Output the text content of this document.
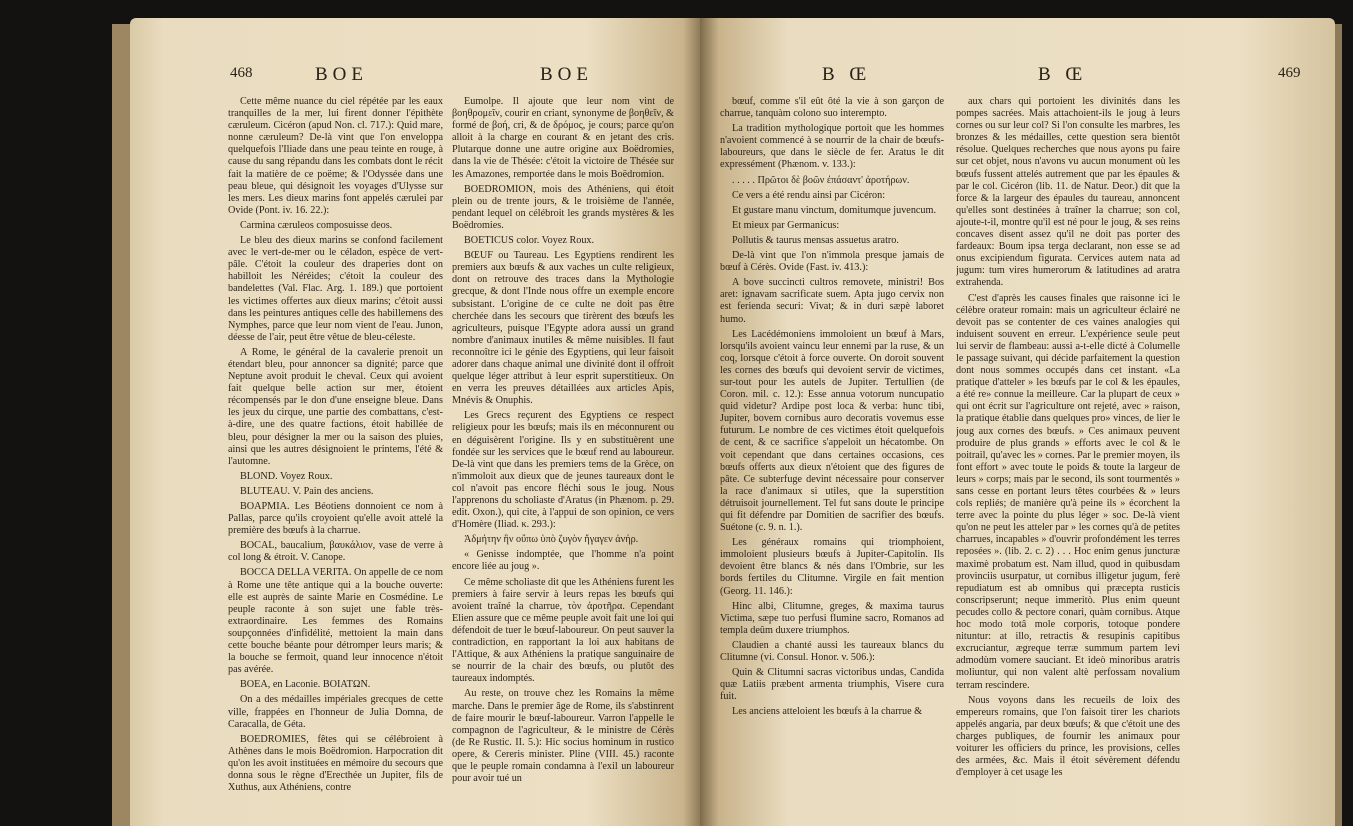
468	BOE	BOE

Cette même nuance du ciel répétée par les eaux tranquilles de la mer, lui firent donner l'épithète cæruleum. Cicéron (apud Non. cl. 717.): Quid mare, nonne cæruleum? De-là vint que l'on enveloppa quelquefois l'Iliade dans une peau teinte en rouge, à cause du sang répandu dans les combats dont le récit fait la matière de ce poëme; & l'Odyssée dans une peau bleue, qui désignoit les voyages d'Ulysse sur les mers. Les dieux marins font appelés cærulei par Ovide (Pont. iv. 16. 22.):

Carmina cæruleos composuisse deos.

Le bleu des dieux marins se confond facilement avec le vert-de-mer ou le céladon, espèce de vert-pâle. C'étoit la couleur des draperies dont on habilloit les Néréides; c'étoit la couleur des bandelettes (Val. Flac. Arg. 1. 189.) que portoient les victimes offertes aux dieux marins; c'étoit aussi dans les peintures antiques celle des habillemens des Nymphes, parce que leur nom vient de l'eau. Junon, déesse de l'air, peut être vêtue de bleu-céleste.

A Rome, le général de la cavalerie prenoit un étendart bleu, pour annoncer sa dignité; parce que Neptune avoit produit le cheval. Ceux qui avoient fait quelque belle action sur mer, étoient récompensés par le don d'une enseigne bleue. Dans les jeux du cirque, une partie des combattans, c'est-à-dire, une des quatre factions, étoit habillée de bleu, pour désigner la mer ou la saison des pluies, ainsi que les autres désignoient le printems, l'été & l'automne.

BLOND. Voyez Roux.

BLUTEAU. V. Pain des anciens.

BOAPMIA. Les Béotiens donnoient ce nom à Pallas, parce qu'ils croyoient qu'elle avoit attelé la première des bœufs à la charrue.

BOCAL, baucalium, βαυκάλιον, vase de verre à col long & étroit. V. Canope.

BOCCA DELLA VERITA. On appelle de ce nom à Rome une tête antique qui a la bouche ouverte: elle est auprès de sainte Marie en Cosmédine. Le peuple raconte à son sujet une fable très-extraordinaire. Les femmes des Romains soupçonnées d'infidélité, mettoient la main dans cette bouche béante pour détromper leurs maris; & la bouche se fermoit, quand leur innocence n'étoit pas avérée.

BOEA, en Laconie. BOIATΩN.

On a des médailles impériales grecques de cette ville, frappées en l'honneur de Julia Domna, de Caracalla, de Géta.

BOEDROMIES, fêtes qui se célébroient à Athènes dans le mois Boëdromion. Harpocration dit qu'on les avoit instituées en mémoire du secours que donna sous le règne d'Erecthée un Jupiter, fils de Xuthus, aux Athéniens, contre

Eumolpe. Il ajoute que leur nom vint de βοηθρομεῖν, courir en criant, synonyme de βοηθεῖν, & formé de βοή, cri, & de δρόμος, je cours; parce qu'on alloit à la charge en courant & en jetant des cris. Plutarque donne une autre origine aux Boëdromies, dans la vie de Thésée: c'étoit la victoire de Thésée sur les Amazones, remportée dans le mois Boëdromion.

BOEDROMION, mois des Athéniens, qui étoit plein ou de trente jours, & le troisième de l'année, pendant lequel on célébroit les grands mystères & les Boëdromies.

BOETICUS color. Voyez Roux.

BŒUF ou Taureau. Les Egyptiens rendirent les premiers aux bœufs & aux vaches un culte religieux, dont on retrouve des traces dans la Mythologie grecque, & dont l'Inde nous offre un exemple encore subsistant. L'origine de ce culte ne doit pas être cherchée dans les secours que tirèrent des bœufs les agriculteurs, puisque l'Egypte adora aussi un grand nombre d'animaux inutiles & même nuisibles. Il faut reconnoître ici le génie des Egyptiens, qui leur faisoit adorer dans chaque animal une divinité dont il offroit quelque léger attribut à leur esprit superstitieux. On en verra les preuves détaillées aux articles Apis, Mnévis & Onuphis.

Les Grecs reçurent des Egyptiens ce respect religieux pour les bœufs; mais ils en méconnurent ou en déguisèrent l'origine. Ils y en substituèrent une fondée sur les services que le bœuf rend au laboureur. De-là vint que dans les premiers tems de la Grèce, on n'immoloit aux dieux que de jeunes taureaux dont le col n'avoit pas encore fléchi sous le joug. Nous l'apprenons du scholiaste d'Aratus (in Phænom. p. 29. edit. Oxon.), qui cite, à l'appui de son opinion, ce vers d'Homère (Iliad. κ. 293.):

Ἀδμήτην ἣν οὔπω ὑπὸ ζυγὸν ἤγαγεν ἀνήρ.

« Genisse indomptée, que l'homme n'a point encore liée au joug ».

Ce même scholiaste dit que les Athéniens furent les premiers à faire servir à leurs repas les bœufs qui avoient traîné la charrue, τὸν ἀροτῆρα. Cependant Elien assure que ce même peuple avoit fait une loi qui défendoit de tuer le bœuf-laboureur. On peut sauver la contradiction, en rapportant la loi aux habitans de l'Attique, & aux Athéniens la pratique sanguinaire de se nourrir de la chair des bœufs, ou plutôt des taureaux indomptés.

Au reste, on trouve chez les Romains la même marche. Dans le premier âge de Rome, ils s'abstinrent de faire mourir le bœuf-laboureur. Varron l'appelle le compagnon de l'agriculteur, & le ministre de Cérès (de Re Rustic. II. 5.): Hic socius hominum in rustico opere, & Cereris minister. Pline (VIII. 45.) raconte que le peuple romain condamna à l'exil un laboureur pour avoir tué un

B Œ	B Œ	469

bœuf, comme s'il eût ôté la vie à son garçon de charrue, tanquàm colono suo interempto.

La tradition mythologique portoit que les hommes n'avoient commencé à se nourrir de la chair de bœufs-laboureurs, que dans le siècle de fer. Aratus le dit expressément (Phænom. v. 133.):

. . . . . Πρῶτοι δὲ βοῶν ἐπάσαντ' ἀροτήρων.

Ce vers a été rendu ainsi par Cicéron:

Et gustare manu vinctum, domitumque juvencum.

Et mieux par Germanicus:

Pollutis & taurus mensas assuetus aratro.

De-là vint que l'on n'immola presque jamais de bœuf à Cérès. Ovide (Fast. iv. 413.):

A bove succincti cultros removete, ministri! Bos aret: ignavam sacrificate suem. Apta jugo cervix non est ferienda securi: Vivat; & in duri sæpè laboret humo.

Les Lacédémoniens immoloient un bœuf à Mars, lorsqu'ils avoient vaincu leur ennemi par la ruse, & un coq, lorsque c'étoit à force ouverte. On doroit souvent les cornes des bœufs qui devoient servir de victimes, sur-tout pour les autels de Jupiter. Tertullien (de Coron. mil. c. 12.): Esse annua votorum nuncupatio quid videtur? Ardipe post loca & verba: hunc tibi, Jupiter, bovem cornibus auro decoratis vovemus esse futurum. Le nombre de ces victimes étoit quelquefois de cent, & ce sacrifice s'appeloit un hécatombe. On voit cependant que dans certaines occasions, ces bœufs offerts aux dieux n'étoient que des figures de pâte. Ce subterfuge devint nécessaire pour conserver la race d'animaux si utiles, que la superstition détruisoit journellement. Tel fut sans doute le principe qui fit défendre par Domitien de sacrifier des bœufs. Suétone (c. 9. n. 1.).

Les généraux romains qui triomphoient, immoloient plusieurs bœufs à Jupiter-Capitolin. Ils devoient être blancs & nés dans l'Ombrie, sur les bords fertiles du Clitumne. Virgile en fait mention (Georg. 11. 146.):

Hinc albi, Clitumne, greges, & maxima taurus Victima, sæpe tuo perfusi flumine sacro, Romanos ad templa deûm duxere triumphos.

Claudien a chanté aussi les taureaux blancs du Clitumne (vi. Consul. Honor. v. 506.):

Quin & Clitumni sacras victoribus undas, Candida quæ Latiis præbent armenta triumphis, Visere cura fuit.

Les anciens atteloient les bœufs à la charrue &

aux chars qui portoient les divinités dans les pompes sacrées. Mais attachoient-ils le joug à leurs cornes ou sur leur col? Si l'on consulte les marbres, les bronzes & les médailles, cette question sera bientôt résolue. Quelques recherches que nous ayons pu faire sur cet objet, nous n'avons vu aucun monument où les bœufs fussent attelés autrement que par les épaules & par le col. Cicéron (lib. 11. de Natur. Deor.) dit que la force & la largeur des épaules du taureau, annoncent qu'elles sont destinées à traîner la charrue; son col, ajoute-t-il, montre qu'il est né pour le joug, & ses reins concaves disent assez qu'il ne doit pas porter des fardeaux: Boum ipsa terga declarant, non esse se ad onus excipiendum figurata. Cervices autem nata ad jugum: tum vires humerorum & latitudines ad aratra extrahenda.

C'est d'après les causes finales que raisonne ici le célèbre orateur romain: mais un agriculteur éclairé ne devoit pas se contenter de ces vaines analogies qui induisent souvent en erreur. L'expérience seule peut lui servir de flambeau: aussi a-t-elle dicté à Columelle le passage suivant, qui décide parfaitement la question dont nous sommes occupés dans cet instant. «La pratique d'atteler » les bœufs par le col & les épaules, a été re» connue la meilleure. Car la plupart de ceux » qui ont écrit sur l'agriculture ont rejeté, avec » raison, la pratique établie dans quelques pro» vinces, de lier le joug aux cornes des bœufs. » Ces animaux peuvent produire de plus grands » efforts avec le col & le poitrail, qu'avec les » cornes. Par le premier moyen, ils font effort » avec toute le poids & toute la largeur de leurs » corps; mais par le second, ils sont tourmentés » sans cesse en portant leurs têtes courbées & » leurs cols repliés; de manière qu'à peine ils » écorchent la terre avec la pointe du plus léger » soc. De-là vient qu'on ne peut les atteler par » les cornes qu'à de petites charrues, incapables » d'ouvrir profondément les terres reposées ». (lib. 2. c. 2) . . . Hoc enim genus juncturæ maximè probatum est. Nam illud, quod in quibusdam provinciis usurpatur, ut cornibus illigetur jugum, ferè repudiatum est ab omnibus qui præcepta rusticis conscripserunt; neque immeritò. Plus enim queunt pecudes collo & pectore conari, quàm cornibus. Atque hoc modo totâ mole corporis, totoque pondere nituntur: at illo, retractis & resupinis capitibus excruciantur, ægreque terræ summum partem levi admodùm vomere sauciant. Et ideò minoribus aratris moliuntur, qui non valent altè perfossam novalium terram rescindere.

Nous voyons dans les recueils de loix des empereurs romains, que l'on faisoit tirer les chariots appelés angaria, par deux bœufs; & que c'étoit une des charges publiques, de fournir les animaux pour voiturer les officiers du prince, les provisions, celles des armées, &c. Mais il étoit sévèrement défendu d'employer à cet usage les
